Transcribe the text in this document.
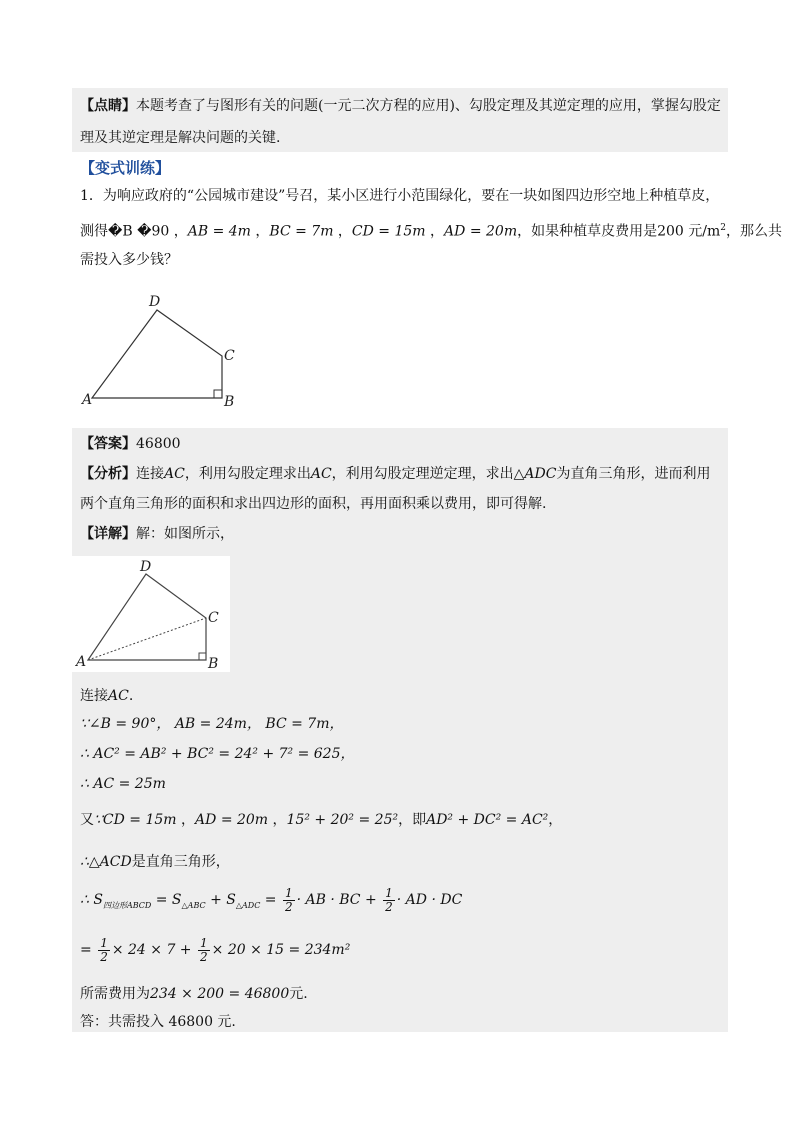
【点睛】本题考查了与图形有关的问题(一元二次方程的应用)、勾股定理及其逆定理的应用，掌握勾股定
理及其逆定理是解决问题的关键.
【变式训练】
1．为响应政府的“公园城市建设”号召，某小区进行小范围绿化，要在一块如图四边形空地上种植草皮，
测得�B �90 ，AB = 4m ，BC = 7m ，CD = 15m ，AD = 20m，如果种植草皮费用是200 元$/m^2$，那么共
需投入多少钱？
A	B
C
D
【答案】46800
【分析】连接AC，利用勾股定理求出AC，利用勾股定理逆定理，求出△ADC为直角三角形，进而利用
两个直角三角形的面积和求出四边形的面积，再用面积乘以费用，即可得解.
【详解】解：如图所示，
A	B
C
D
连接AC.
∵∠B = 90°， AB = 24m， BC = 7m，
∴ AC² = AB² + BC² = 24² + 7² = 625，
∴ AC = 25m
又∵CD = 15m ，AD = 20m ，15² + 20² = 25²，即AD² + DC² = AC²，
∴△ACD是直角三角形，
∴ $S_{四边形ABCD} = S_{\triangle ABC} + S_{\triangle ADC} = \frac{1}{2}$ · AB · BC + $\frac{1}{2}$ · AD · DC
= $\frac{1}{2} \times 24 \times 7 + \frac{1}{2} \times 20 \times 15 = 234m^2$
所需费用为234 × 200 = 46800元.
答：共需投入 46800 元.
